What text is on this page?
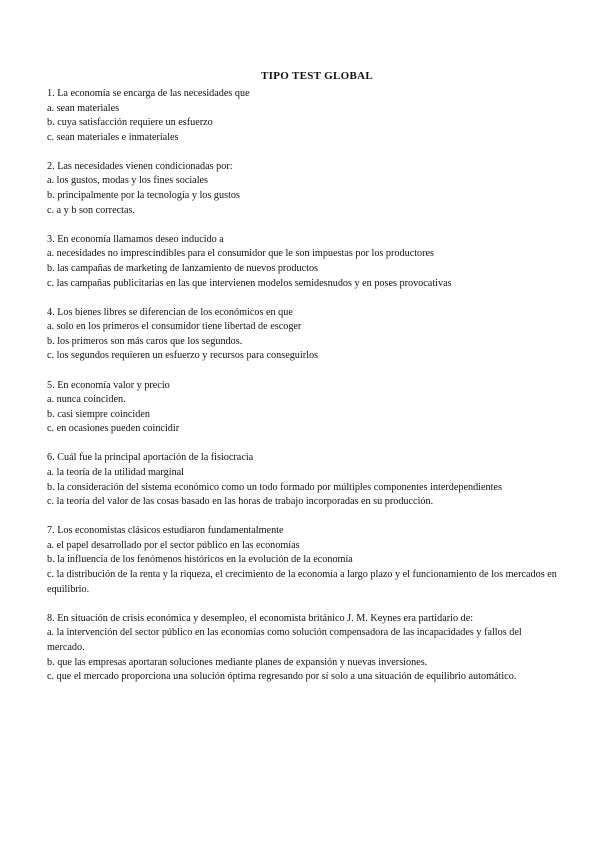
TIPO TEST GLOBAL
1. La economía se encarga de las necesidades que
a. sean materiales
b. cuya satisfacción requiere un esfuerzo
c. sean materiales e inmateriales
2. Las necesidades vienen condicionadas por:
a. los gustos, modas y los fines sociales
b. principalmente por la tecnología y los gustos
c. a y b son correctas.
3. En economía llamamos deseo inducido a
a. necesidades no imprescindibles para el consumidor que le son impuestas por los productores
b. las campañas de marketing de lanzamiento de nuevos productos
c. las campañas publicitarias en las que intervienen modelos semidesnudos y en poses provocativas
4. Los bienes libres se diferencian de los económicos en que
a. solo en los primeros el consumidor tiene libertad de escoger
b. los primeros son más caros que los segundos.
c. los segundos requieren un esfuerzo y recursos para conseguirlos
5. En economía valor y precio
a. nunca coinciden.
b. casi siempre coinciden
c. en ocasiones pueden coincidir
6. Cuál fue la principal aportación de la fisiocracia
a. la teoría de la utilidad marginal
b. la consideración del sistema económico como un todo formado por múltiples componentes interdependientes
c. la teoría del valor de las cosas basado en las horas de trabajo incorporadas en su producción.
7. Los economistas clásicos estudiaron fundamentalmente
a. el papel desarrollado por el sector público en las economías
b. la influencia de los fenómenos históricos en la evolución de la economía
c. la distribución de la renta y la riqueza, el crecimiento de la economía a largo plazo y el funcionamiento de los mercados en equilibrio.
8. En situación de crisis económica y desempleo, el economista británico J. M. Keynes era partidario de:
a. la intervención del sector público en las economías como solución compensadora de las incapacidades y fallos del mercado.
b. que las empresas aportaran soluciones mediante planes de expansión y nuevas inversiones.
c. que el mercado proporciona una solución óptima regresando por sí solo a una situación de equilibrio automático.
